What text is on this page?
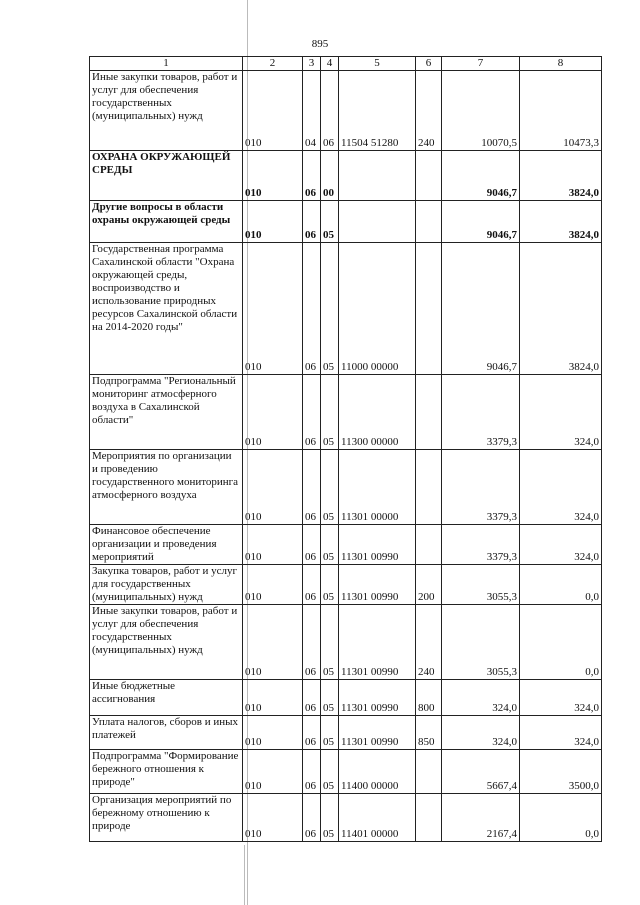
895
1	2	3	4	5	6	7	8
Иные закупки товаров, работ и услуг для обеспечения государственных (муниципальных) нужд	010	04	06	11504 51280	240	10070,5	10473,3
ОХРАНА ОКРУЖАЮЩЕЙ СРЕДЫ	010	06	00			9046,7	3824,0
Другие вопросы в области охраны окружающей среды	010	06	05			9046,7	3824,0
Государственная программа Сахалинской области "Охрана окружающей среды, воспроизводство и использование природных ресурсов Сахалинской области на 2014-2020 годы"	010	06	05	11000 00000		9046,7	3824,0
Подпрограмма "Региональный мониторинг атмосферного воздуха в Сахалинской области"	010	06	05	11300 00000		3379,3	324,0
Мероприятия по организации и проведению государственного мониторинга атмосферного воздуха	010	06	05	11301 00000		3379,3	324,0
Финансовое обеспечение организации и проведения мероприятий	010	06	05	11301 00990		3379,3	324,0
Закупка товаров, работ и услуг для государственных (муниципальных) нужд	010	06	05	11301 00990	200	3055,3	0,0
Иные закупки товаров, работ и услуг для обеспечения государственных (муниципальных) нужд	010	06	05	11301 00990	240	3055,3	0,0
Иные бюджетные ассигнования	010	06	05	11301 00990	800	324,0	324,0
Уплата налогов, сборов и иных платежей	010	06	05	11301 00990	850	324,0	324,0
Подпрограмма "Формирование бережного отношения к природе"	010	06	05	11400 00000		5667,4	3500,0
Организация мероприятий по бережному отношению к природе	010	06	05	11401 00000		2167,4	0,0
